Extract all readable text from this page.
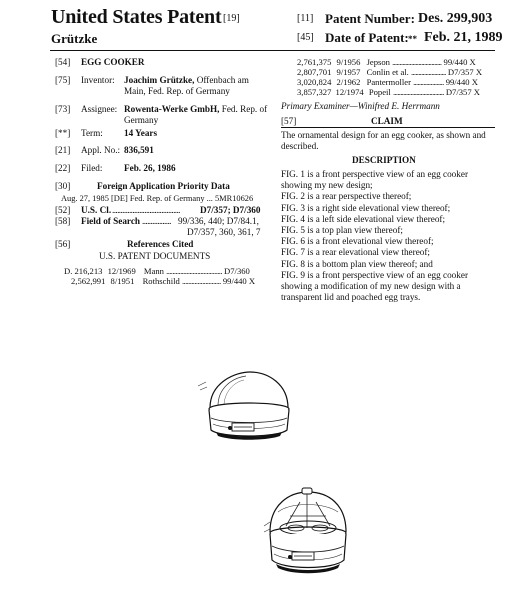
United States Patent [19]
Grützke
[11] Patent Number: Des. 299,903
[45] Date of Patent: ** Feb. 21, 1989
[54] EGG COOKER
[75] Inventor: Joachim Grützke, Offenbach am Main, Fed. Rep. of Germany
[73] Assignee: Rowenta-Werke GmbH, Fed. Rep. of Germany
[**] Term: 14 Years
[21] Appl. No.: 836,591
[22] Filed: Feb. 26, 1986
[30]	Foreign Application Priority Data
Aug. 27, 1985 [DE] Fed. Rep. of Germany ... 5MR10626
[52] U.S. Cl. ........................................ D7/357; D7/360
[58] Field of Search ................. 99/336, 440; D7/84.1,
D7/357, 360, 361, 7
[56]	References Cited
U.S. PATENT DOCUMENTS
D. 216,213 12/1969 Mann .................................... D7/360
2,562,991 8/1951 Rothschild ......................... 99/440 X
2,761,375 9/1956 Jepson .................................. 99/440 X
2,807,701 9/1957 Conlin et al. ........................ D7/357 X
3,020,824 2/1962 Pantermoller ..................... 99/440 X
3,857,327 12/1974 Popeil ................................... D7/357 X
Primary Examiner—Winifred E. Herrmann
[57]	CLAIM
The ornamental design for an egg cooker, as shown and described.
DESCRIPTION
FIG. 1 is a front perspective view of an egg cooker showing my new design;
FIG. 2 is a rear perspective thereof;
FIG. 3 is a right side elevational view thereof;
FIG. 4 is a left side elevational view thereof;
FIG. 5 is a top plan view thereof;
FIG. 6 is a front elevational view thereof;
FIG. 7 is a rear elevational view thereof;
FIG. 8 is a bottom plan view thereof; and
FIG. 9 is a front perspective view of an egg cooker showing a modification of my new design with a transparent lid and poached egg trays.
